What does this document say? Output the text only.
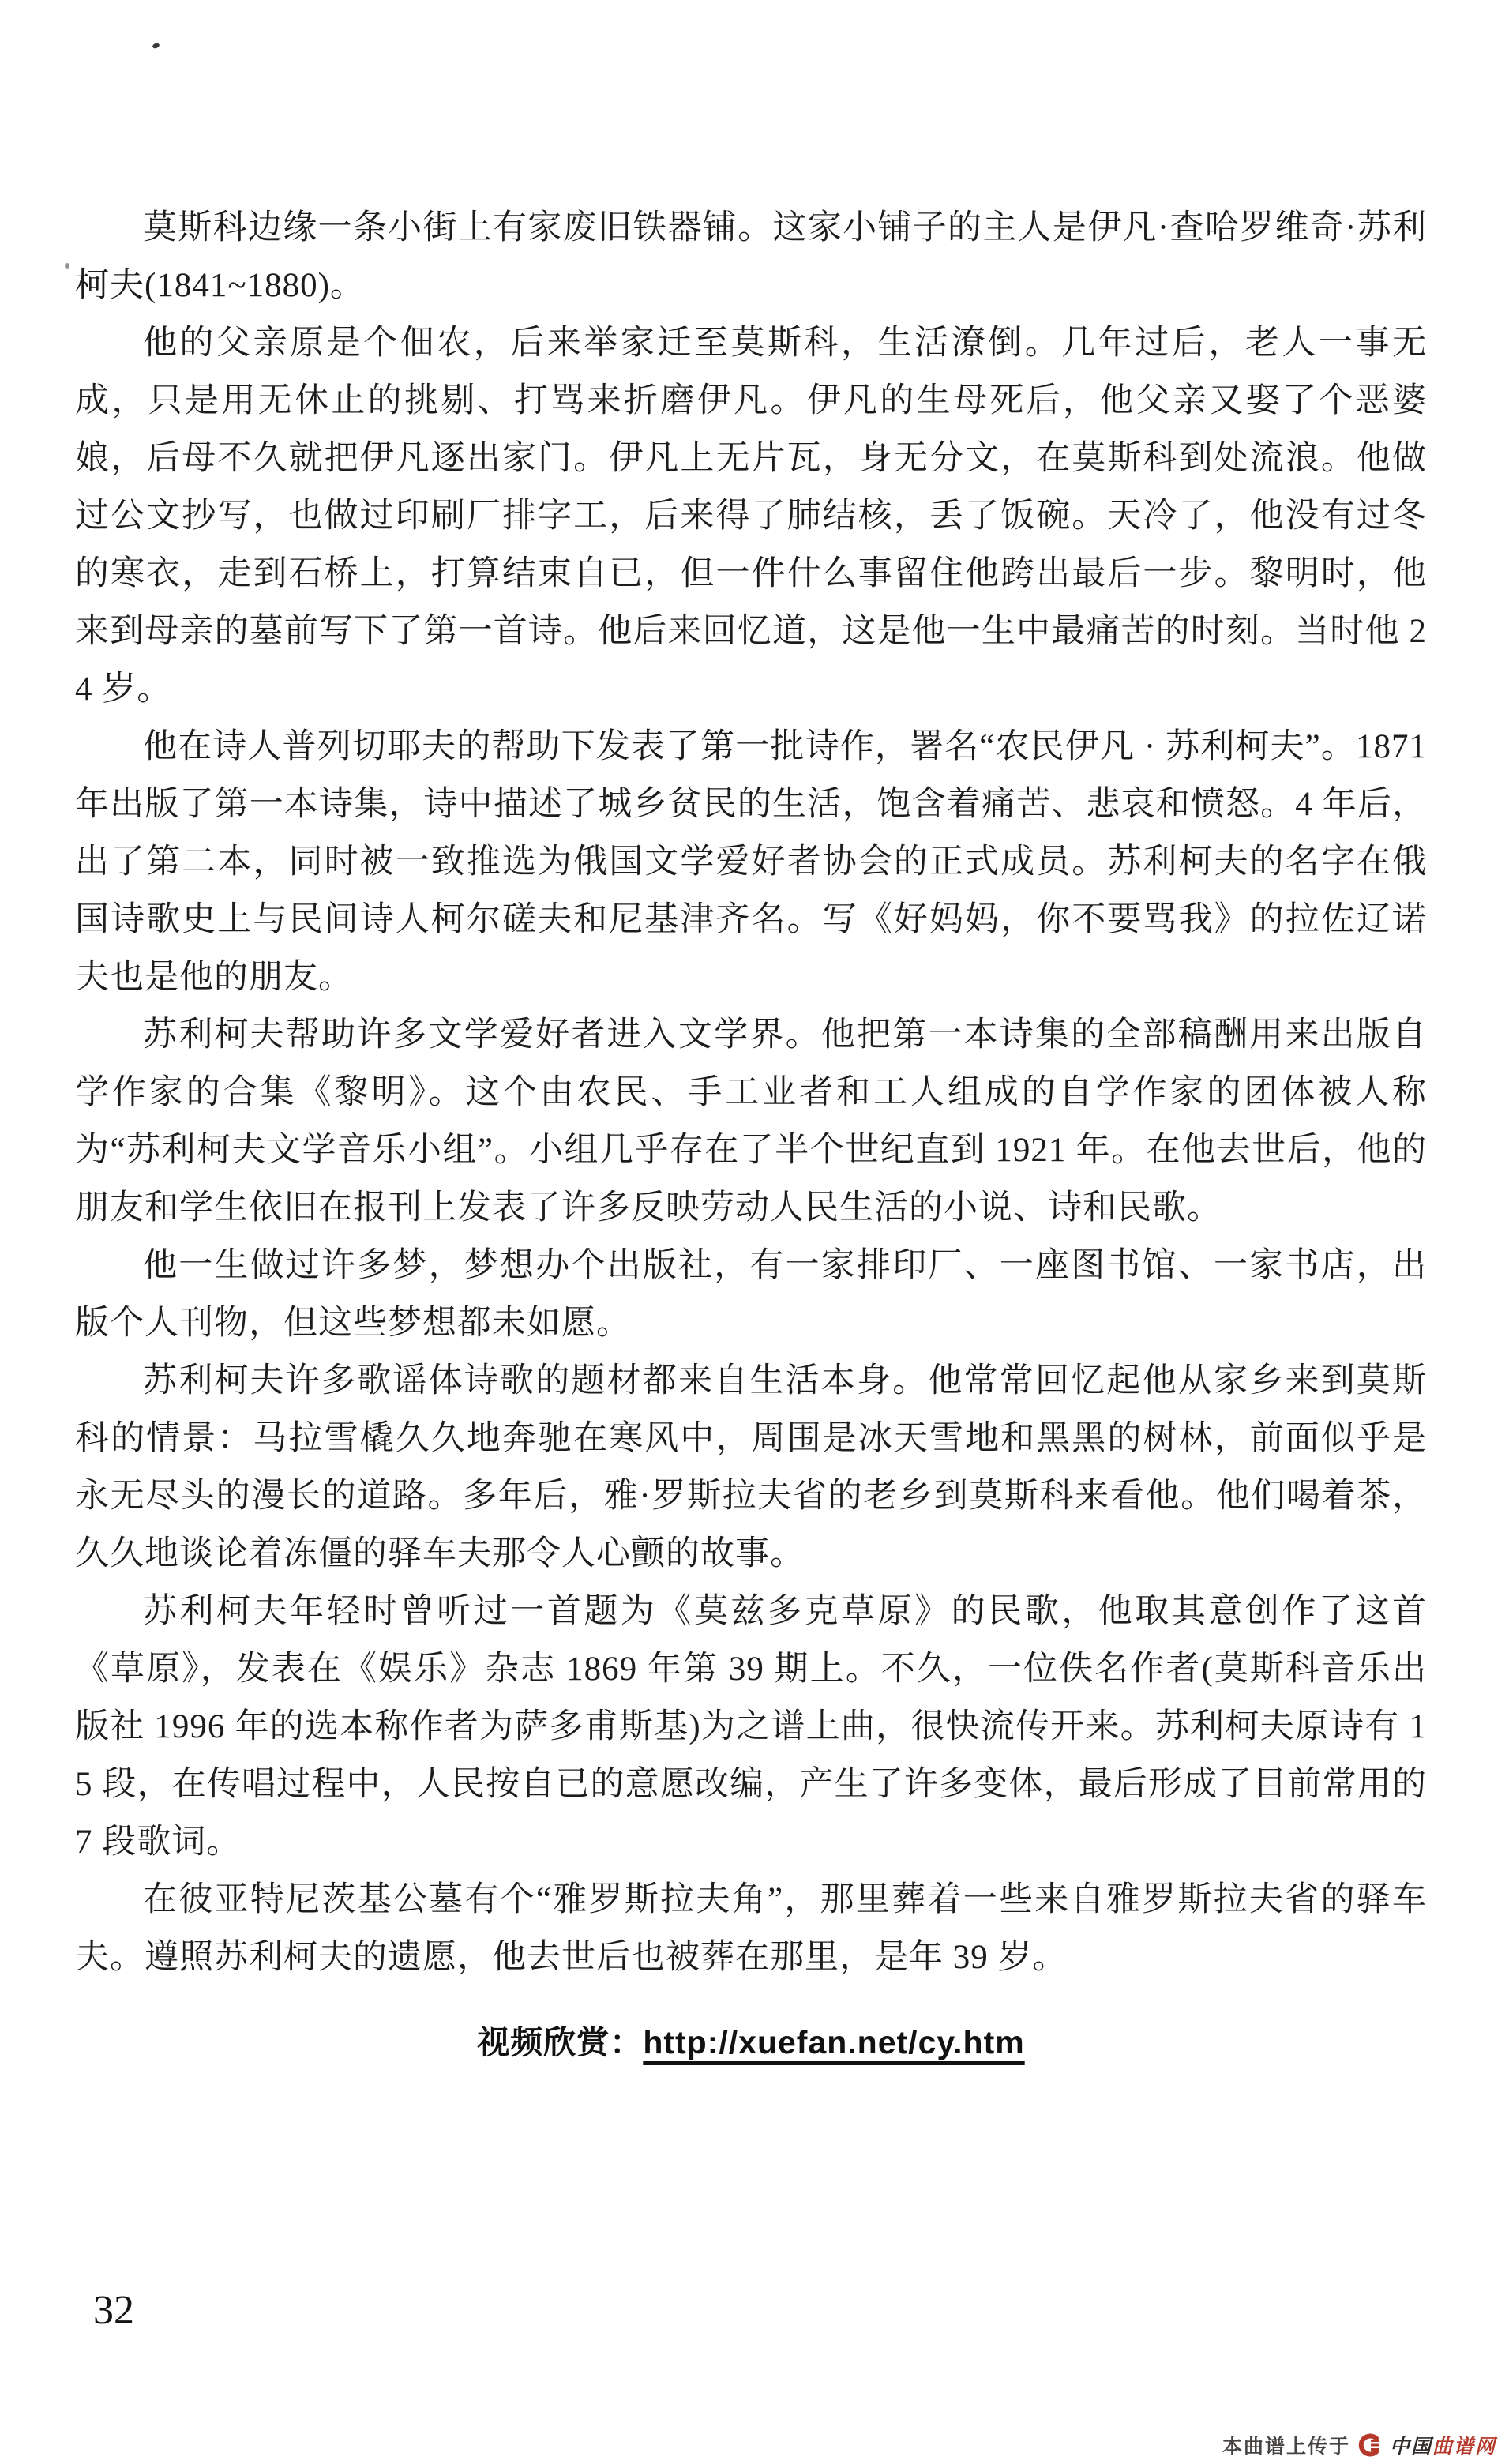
莫斯科边缘一条小街上有家废旧铁器铺。这家小铺子的主人是伊凡·查哈罗维奇·苏利柯夫(1841~1880)。

他的父亲原是个佃农，后来举家迁至莫斯科，生活潦倒。几年过后，老人一事无成，只是用无休止的挑剔、打骂来折磨伊凡。伊凡的生母死后，他父亲又娶了个恶婆娘，后母不久就把伊凡逐出家门。伊凡上无片瓦，身无分文，在莫斯科到处流浪。他做过公文抄写，也做过印刷厂排字工，后来得了肺结核，丢了饭碗。天冷了，他没有过冬的寒衣，走到石桥上，打算结束自已，但一件什么事留住他跨出最后一步。黎明时，他来到母亲的墓前写下了第一首诗。他后来回忆道，这是他一生中最痛苦的时刻。当时他 24 岁。

他在诗人普列切耶夫的帮助下发表了第一批诗作，署名“农民伊凡 · 苏利柯夫”。1871 年出版了第一本诗集，诗中描述了城乡贫民的生活，饱含着痛苦、悲哀和愤怒。4 年后，出了第二本，同时被一致推选为俄国文学爱好者协会的正式成员。苏利柯夫的名字在俄国诗歌史上与民间诗人柯尔磋夫和尼基津齐名。写《好妈妈，你不要骂我》的拉佐辽诺夫也是他的朋友。

苏利柯夫帮助许多文学爱好者进入文学界。他把第一本诗集的全部稿酬用来出版自学作家的合集《黎明》。这个由农民、手工业者和工人组成的自学作家的团体被人称为“苏利柯夫文学音乐小组”。小组几乎存在了半个世纪直到 1921 年。在他去世后，他的朋友和学生依旧在报刊上发表了许多反映劳动人民生活的小说、诗和民歌。

他一生做过许多梦，梦想办个出版社，有一家排印厂、一座图书馆、一家书店，出版个人刊物，但这些梦想都未如愿。

苏利柯夫许多歌谣体诗歌的题材都来自生活本身。他常常回忆起他从家乡来到莫斯科的情景：马拉雪橇久久地奔驰在寒风中，周围是冰天雪地和黑黑的树林，前面似乎是永无尽头的漫长的道路。多年后，雅·罗斯拉夫省的老乡到莫斯科来看他。他们喝着茶，久久地谈论着冻僵的驿车夫那令人心颤的故事。

苏利柯夫年轻时曾听过一首题为《莫兹多克草原》的民歌，他取其意创作了这首《草原》，发表在《娱乐》杂志 1869 年第 39 期上。不久，一位佚名作者(莫斯科音乐出版社 1996 年的选本称作者为萨多甫斯基)为之谱上曲，很快流传开来。苏利柯夫原诗有 15 段，在传唱过程中，人民按自已的意愿改编，产生了许多变体，最后形成了目前常用的 7 段歌词。

在彼亚特尼茨基公墓有个“雅罗斯拉夫角”，那里葬着一些来自雅罗斯拉夫省的驿车夫。遵照苏利柯夫的遗愿，他去世后也被葬在那里，是年 39 岁。

视频欣赏：http://xuefan.net/cy.htm
32
本曲谱上传于 中国曲谱网
